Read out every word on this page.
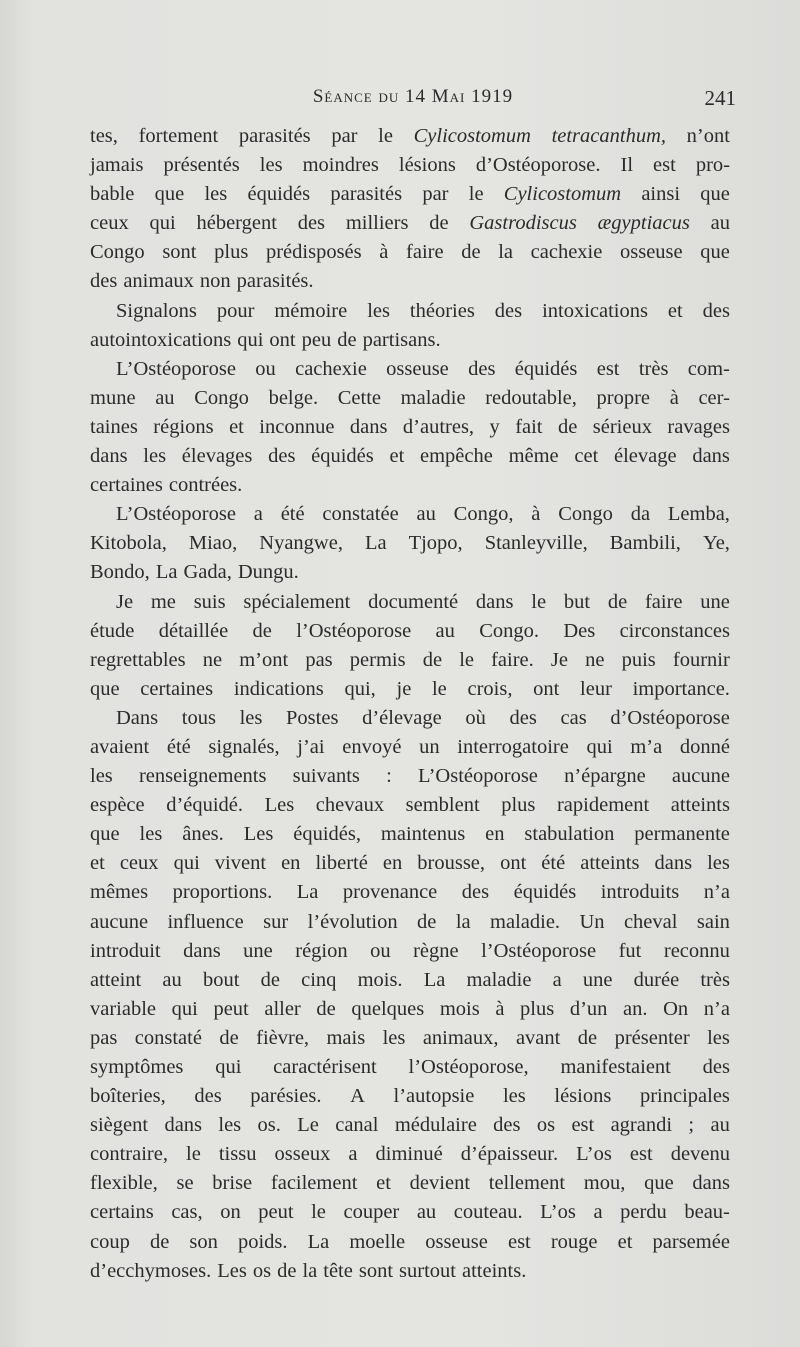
Séance du 14 Mai 1919	241
tes, fortement parasités par le Cylicostomum tetracanthum, n’ont
jamais présentés les moindres lésions d’Ostéoporose. Il est pro-
bable que les équidés parasités par le Cylicostomum ainsi que
ceux qui hébergent des milliers de Gastrodiscus ægyptiacus au
Congo sont plus prédisposés à faire de la cachexie osseuse que
des animaux non parasités.
Signalons pour mémoire les théories des intoxications et des
autointoxications qui ont peu de partisans.
L’Ostéoporose ou cachexie osseuse des équidés est très com-
mune au Congo belge. Cette maladie redoutable, propre à cer-
taines régions et inconnue dans d’autres, y fait de sérieux ravages
dans les élevages des équidés et empêche même cet élevage dans
certaines contrées.
L’Ostéoporose a été constatée au Congo, à Congo da Lemba,
Kitobola, Miao, Nyangwe, La Tjopo, Stanleyville, Bambili, Ye,
Bondo, La Gada, Dungu.
Je me suis spécialement documenté dans le but de faire une
étude détaillée de l’Ostéoporose au Congo. Des circonstances
regrettables ne m’ont pas permis de le faire. Je ne puis fournir
que certaines indications qui, je le crois, ont leur importance.
Dans tous les Postes d’élevage où des cas d’Ostéoporose
avaient été signalés, j’ai envoyé un interrogatoire qui m’a donné
les renseignements suivants : L’Ostéoporose n’épargne aucune
espèce d’équidé. Les chevaux semblent plus rapidement atteints
que les ânes. Les équidés, maintenus en stabulation permanente
et ceux qui vivent en liberté en brousse, ont été atteints dans les
mêmes proportions. La provenance des équidés introduits n’a
aucune influence sur l’évolution de la maladie. Un cheval sain
introduit dans une région ou règne l’Ostéoporose fut reconnu
atteint au bout de cinq mois. La maladie a une durée très
variable qui peut aller de quelques mois à plus d’un an. On n’a
pas constaté de fièvre, mais les animaux, avant de présenter les
symptômes qui caractérisent l’Ostéoporose, manifestaient des
boîteries, des parésies. A l’autopsie les lésions principales
siègent dans les os. Le canal médulaire des os est agrandi ; au
contraire, le tissu osseux a diminué d’épaisseur. L’os est devenu
flexible, se brise facilement et devient tellement mou, que dans
certains cas, on peut le couper au couteau. L’os a perdu beau-
coup de son poids. La moelle osseuse est rouge et parsemée
d’ecchymoses. Les os de la tête sont surtout atteints.
